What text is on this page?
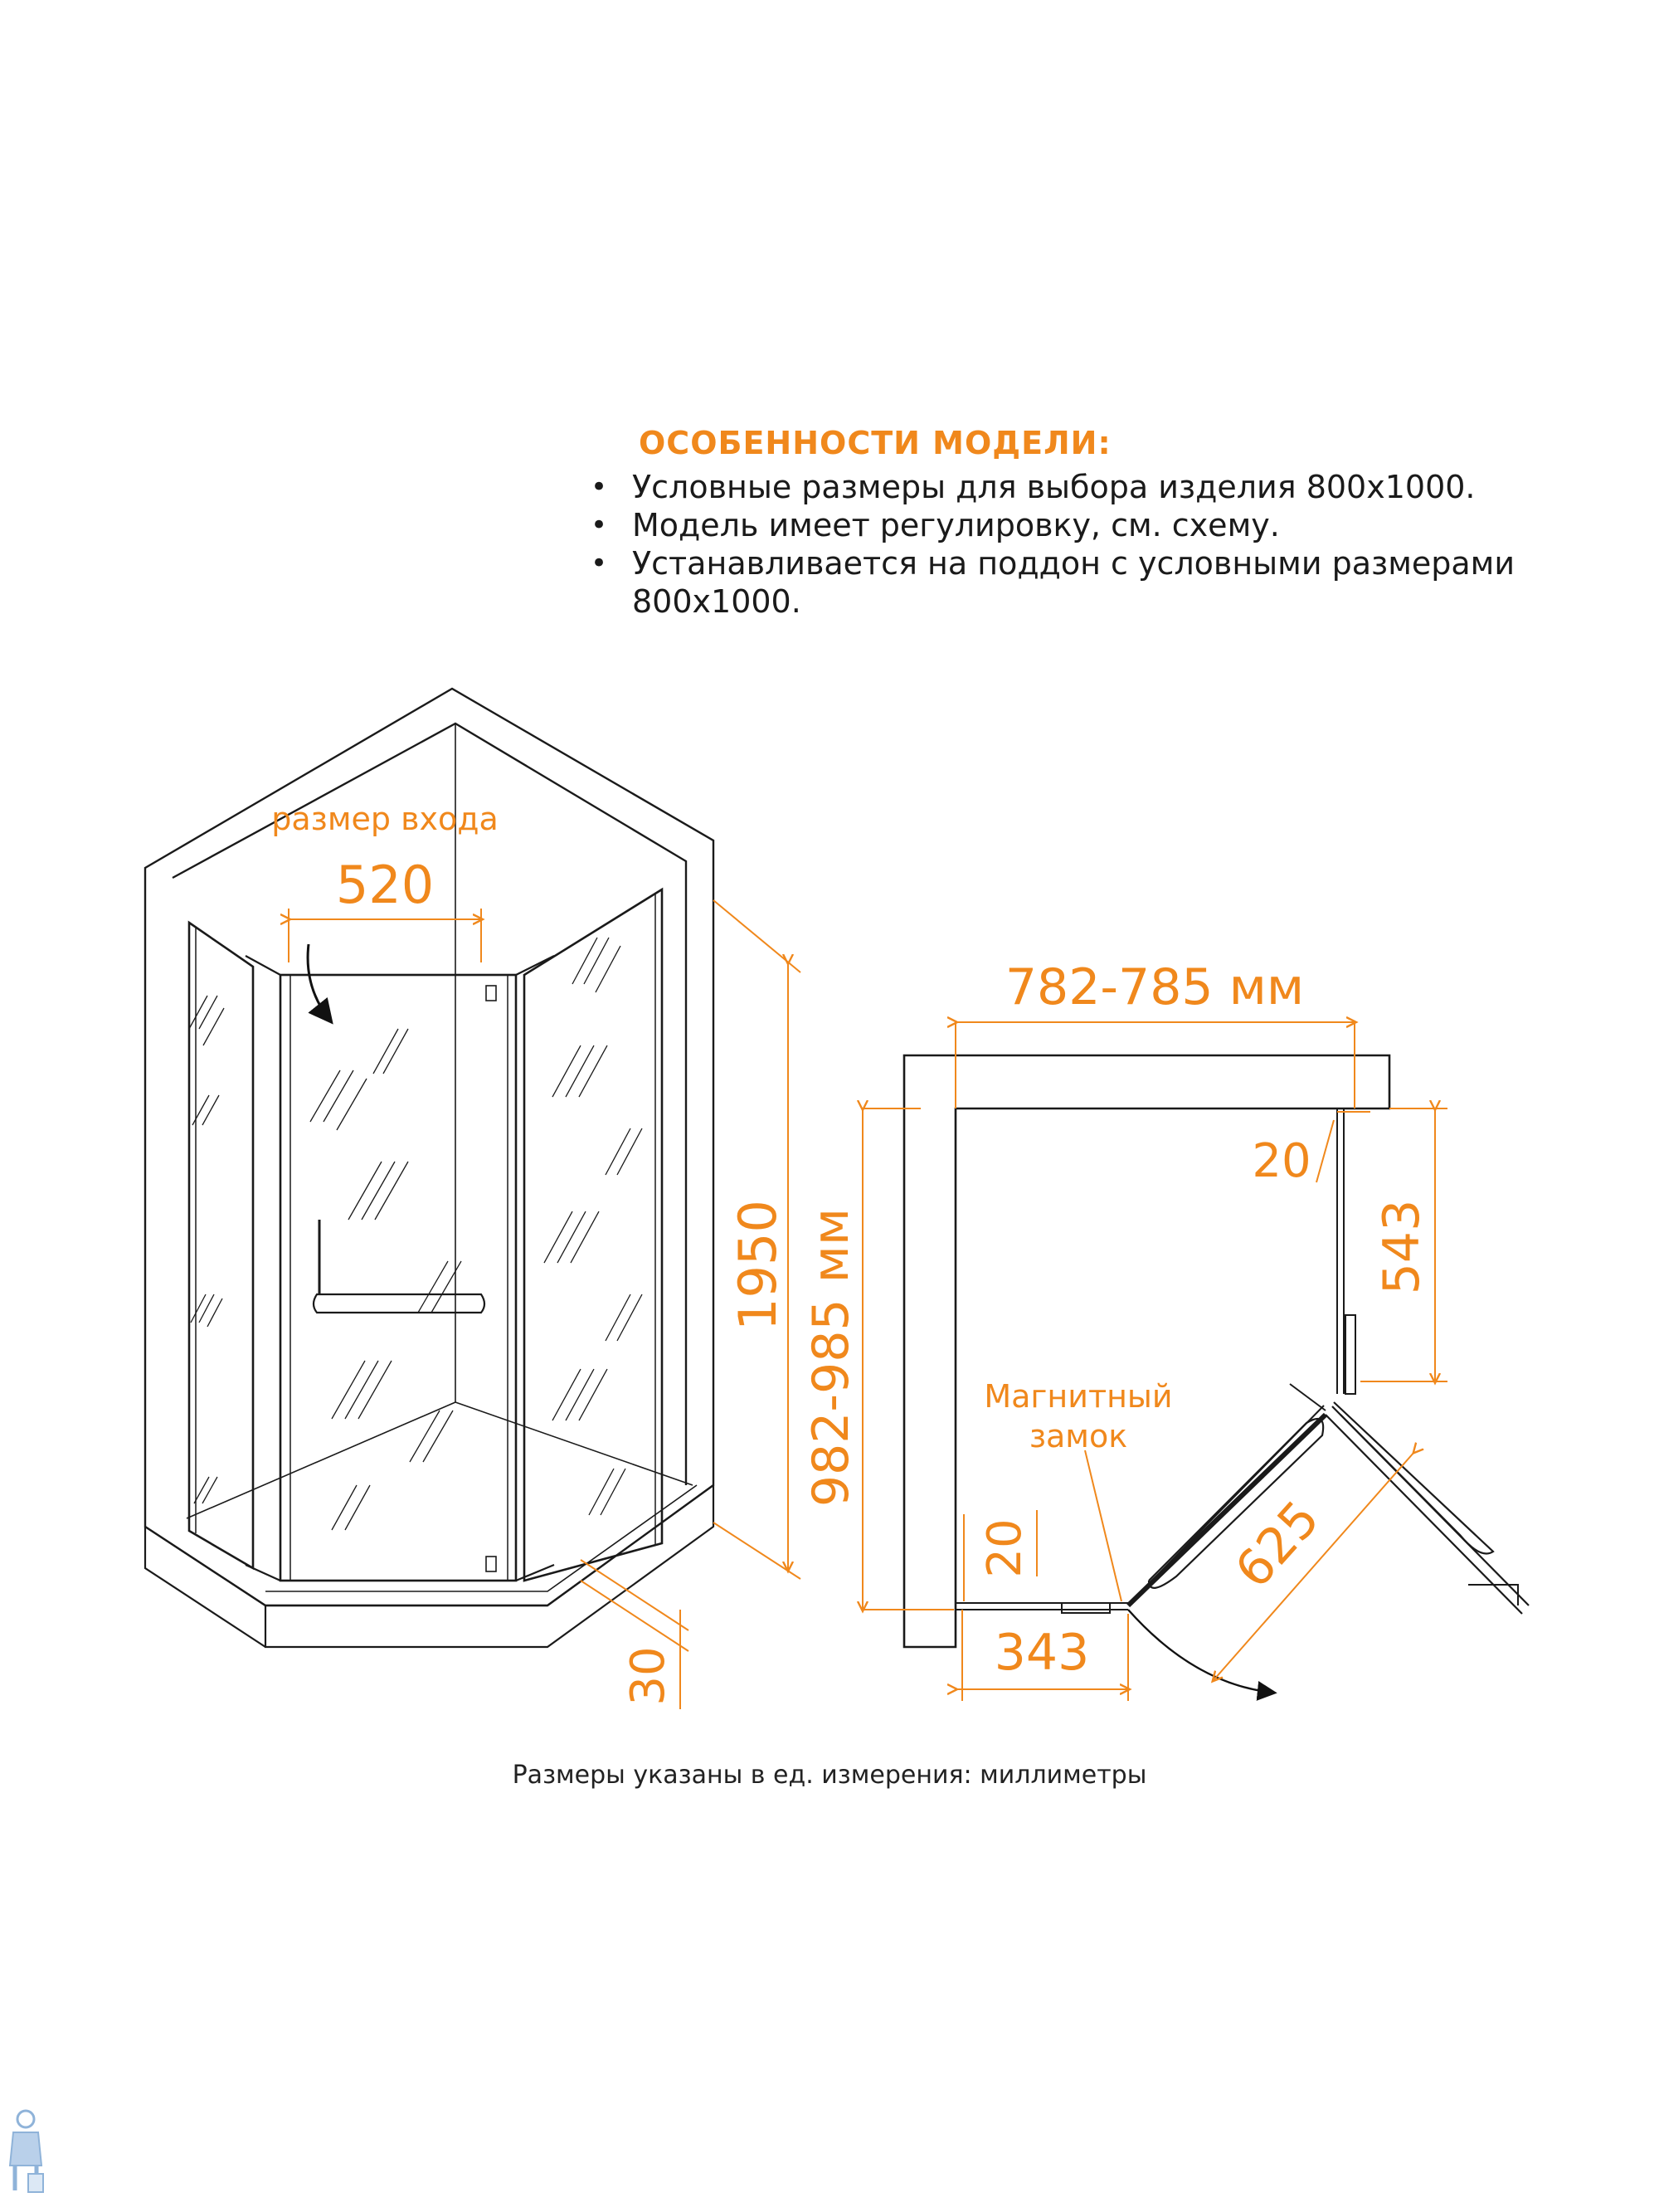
ОСОБЕННОСТИ МОДЕЛИ:
• Условные размеры для выбора изделия 800х1000.
• Модель имеет регулировку, см. схему.
• Устанавливается на поддон с условными размерами 800х1000.
размер входа
520
1950
30
782-785 мм
982-985 мм
20
543
625
20
343
Магнитный
замок
Размеры указаны в ед. измерения: миллиметры
